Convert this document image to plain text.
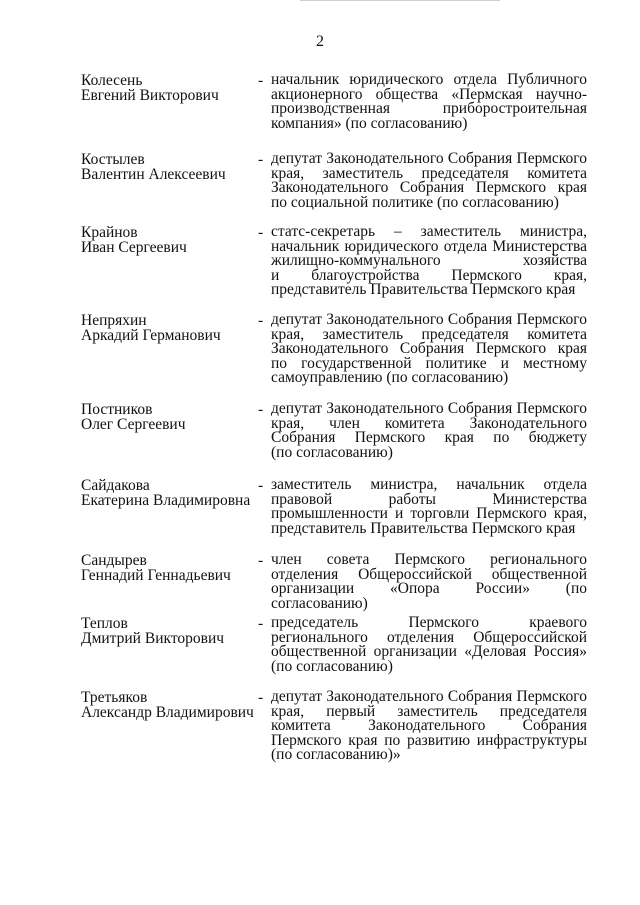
2
Колесень
Евгений Викторович
- начальник юридического отдела Публичного
акционерного общества «Пермская научно-
производственная приборостроительная
компания» (по согласованию)
Костылев
Валентин Алексеевич
- депутат Законодательного Собрания Пермского
края, заместитель председателя комитета
Законодательного Собрания Пермского края
по социальной политике (по согласованию)
Крайнов
Иван Сергеевич
- статс-секретарь – заместитель министра,
начальник юридического отдела Министерства
жилищно-коммунального хозяйства
и благоустройства Пермского края,
представитель Правительства Пермского края
Непряхин
Аркадий Германович
- депутат Законодательного Собрания Пермского
края, заместитель председателя комитета
Законодательного Собрания Пермского края
по государственной политике и местному
самоуправлению (по согласованию)
Постников
Олег Сергеевич
- депутат Законодательного Собрания Пермского
края, член комитета Законодательного
Собрания Пермского края по бюджету
(по согласованию)
Сайдакова
Екатерина Владимировна
- заместитель министра, начальник отдела
правовой работы Министерства
промышленности и торговли Пермского края,
представитель Правительства Пермского края
Сандырев
Геннадий Геннадьевич
- член совета Пермского регионального
отделения Общероссийской общественной
организации «Опора России» (по согласованию)
Теплов
Дмитрий Викторович
- председатель Пермского краевого
регионального отделения Общероссийской
общественной организации «Деловая Россия»
(по согласованию)
Третьяков
Александр Владимирович
- депутат Законодательного Собрания Пермского
края, первый заместитель председателя
комитета Законодательного Собрания
Пермского края по развитию инфраструктуры
(по согласованию)»
